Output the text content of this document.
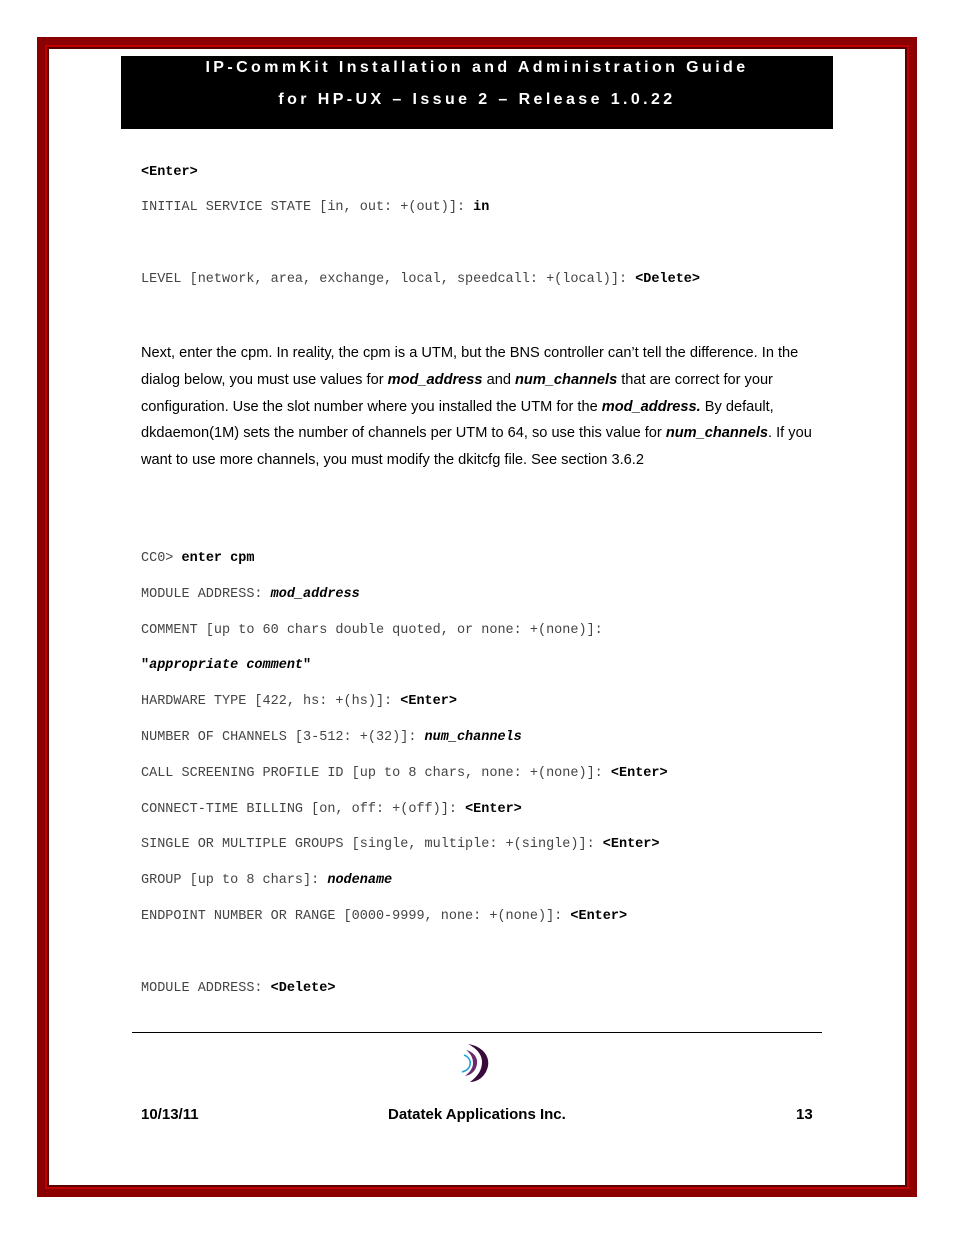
IP-CommKit Installation and Administration Guide
for HP-UX – Issue 2 – Release 1.0.22
<Enter>
INITIAL SERVICE STATE [in, out: +(out)]: in
LEVEL [network, area, exchange, local, speedcall: +(local)]: <Delete>
Next, enter the cpm. In reality, the cpm is a UTM, but the BNS controller can’t tell the difference. In the dialog below, you must use values for mod_address and num_channels that are correct for your configuration. Use the slot number where you installed the UTM for the mod_address. By default, dkdaemon(1M) sets the number of channels per UTM to 64, so use this value for num_channels. If you want to use more channels, you must modify the dkitcfg file. See section 3.6.2
CC0> enter cpm
MODULE ADDRESS: mod_address
COMMENT [up to 60 chars double quoted, or none: +(none)]:
"appropriate comment"
HARDWARE TYPE [422, hs: +(hs)]: <Enter>
NUMBER OF CHANNELS [3-512: +(32)]: num_channels
CALL SCREENING PROFILE ID [up to 8 chars, none: +(none)]: <Enter>
CONNECT-TIME BILLING [on, off: +(off)]: <Enter>
SINGLE OR MULTIPLE GROUPS [single, multiple: +(single)]: <Enter>
GROUP [up to 8 chars]: nodename
ENDPOINT NUMBER OR RANGE [0000-9999, none: +(none)]: <Enter>
MODULE ADDRESS: <Delete>
10/13/11	Datatek Applications Inc.	13
